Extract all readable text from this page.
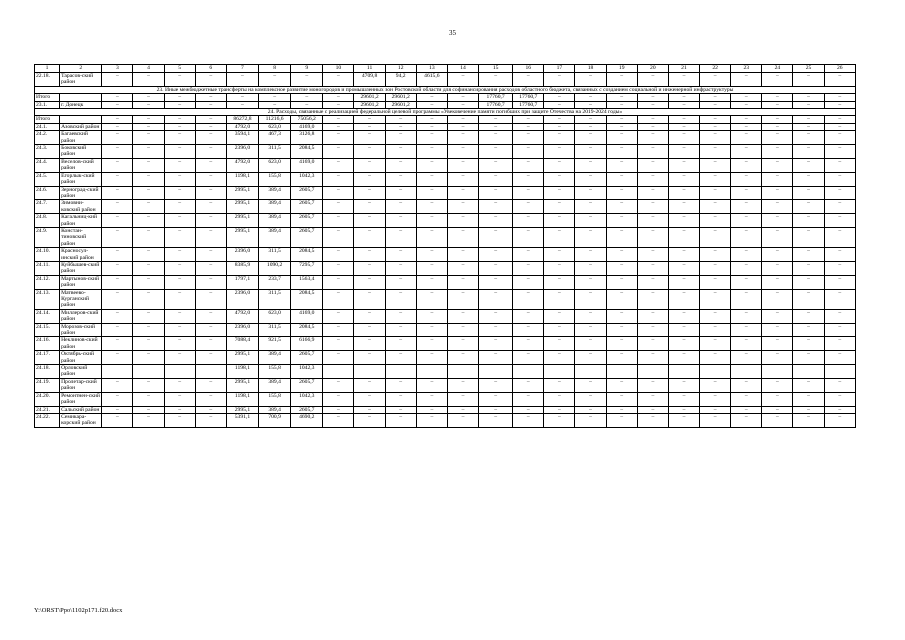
35
1	2	3	4	5	6	7	8	9	10	11	12	13	14	15	16	17	18	19	20	21	22	23	24	25	26
22.18.	Тарасов-ский район	–	–	–	–	–	–	–	–	4709,8	94,2	4615,6	–	–	–	–	–	–	–	–	–	–	–	–	–
23. Иные межбюджетные трансферты на комплексное развитие моногородов и промышленных зон Ростовской области для софинансирования расходов областного бюджета, связанных с созданием социальной и инженерной инфраструктуры																									
Итого		–	–	–	–	–	–	–	–	29601,2	29601,2	–	–	17760,7	17760,7	–	–	–	–	–	–	–	–	–	–
23.1.	г. Донецк	–	–	–	–	–	–	–	–	29601,2	29601,2	–	–	17760,7	17760,7	–	–	–	–	–	–	–	–	–	–
24. Расходы, связанные с реализацией федеральной целевой программы «Увековечение памяти погибших при защите Отечества на 2019-2024 годы»																									
Итого		–	–	–	–	86272,8	11216,6	75056,2	–	–	–	–	–	–	–	–	–	–	–	–	–	–	–	–	–
24.1.	Азовский район	–	–	–	–	4792,0	623,0	4169,0	–	–	–	–	–	–	–	–	–	–	–	–	–	–	–	–	–
24.2.	Багаевский район	–	–	–	–	3594,1	467,3	3126,8	–	–	–	–	–	–	–	–	–	–	–	–	–	–	–	–	–
24.3.	Боковский район	–	–	–	–	2396,0	311,5	2084,5	–	–	–	–	–	–	–	–	–	–	–	–	–	–	–	–	–
24.4.	Веселов-ский район	–	–	–	–	4792,0	623,0	4169,0	–	–	–	–	–	–	–	–	–	–	–	–	–	–	–	–	–
24.5.	Егорлык-ский район	–	–	–	–	1198,1	155,8	1042,3	–	–	–	–	–	–	–	–	–	–	–	–	–	–	–	–	–
24.6.	Зерноград-ский район	–	–	–	–	2995,1	389,4	2605,7	–	–	–	–	–	–	–	–	–	–	–	–	–	–	–	–	–
24.7.	Зимовни-ковский район	–	–	–	–	2995,1	389,4	2605,7	–	–	–	–	–	–	–	–	–	–	–	–	–	–	–	–	–
24.8.	Кагальниц-кий район	–	–	–	–	2995,1	389,4	2605,7	–	–	–	–	–	–	–	–	–	–	–	–	–	–	–	–	–
24.9.	Констан-тиновский район	–	–	–	–	2995,1	389,4	2605,7	–	–	–	–	–	–	–	–	–	–	–	–	–	–	–	–	–
24.10.	Красносул-инский район	–	–	–	–	2396,0	311,5	2084,5	–	–	–	–	–	–	–	–	–	–	–	–	–	–	–	–	–
24.11.	Куйбышев-ский район	–	–	–	–	8385,9	1090,2	7295,7	–	–	–	–	–	–	–	–	–	–	–	–	–	–	–	–	–
24.12.	Мартынов-ский район	–	–	–	–	1797,1	233,7	1563,4	–	–	–	–	–	–	–	–	–	–	–	–	–	–	–	–	–
24.13.	Матвеево-Курганский район	–	–	–	–	2396,0	311,5	2084,5	–	–	–	–	–	–	–	–	–	–	–	–	–	–	–	–	–
24.14.	Миллеров-ский район	–	–	–	–	4792,0	623,0	4169,0	–	–	–	–	–	–	–	–	–	–	–	–	–	–	–	–	–
24.15.	Морозов-ский район	–	–	–	–	2396,0	311,5	2084,5	–	–	–	–	–	–	–	–	–	–	–	–	–	–	–	–	–
24.16.	Неклинов-ский район	–	–	–	–	7088,4	921,5	6166,9	–	–	–	–	–	–	–	–	–	–	–	–	–	–	–	–	–
24.17.	Октябрь-ский район	–	–	–	–	2995,1	389,4	2605,7	–	–	–	–	–	–	–	–	–	–	–	–	–	–	–	–	–
24.18.	Орловский район					1198,1	155,8	1042,3																	
24.19.	Пролетар-ский район	–	–	–	–	2995,1	389,4	2605,7	–	–	–	–	–	–	–	–	–	–	–	–	–	–	–	–	–
24.20.	Ремонтнен-ский район	–	–	–	–	1198,1	155,8	1042,3	–	–	–	–	–	–	–	–	–	–	–	–	–	–	–	–	–
24.21.	Сальский район	–	–	–	–	2995,1	389,4	2605,7	–	–	–	–	–	–	–	–	–	–	–	–	–	–	–	–	–
24.22.	Семикара-корский район	–	–	–	–	5391,1	700,9	4690,2	–	–	–	–	–	–	–	–	–	–	–	–	–	–	–	–	–
Y:\ORST\Ppo\1102p171.f20.docx
